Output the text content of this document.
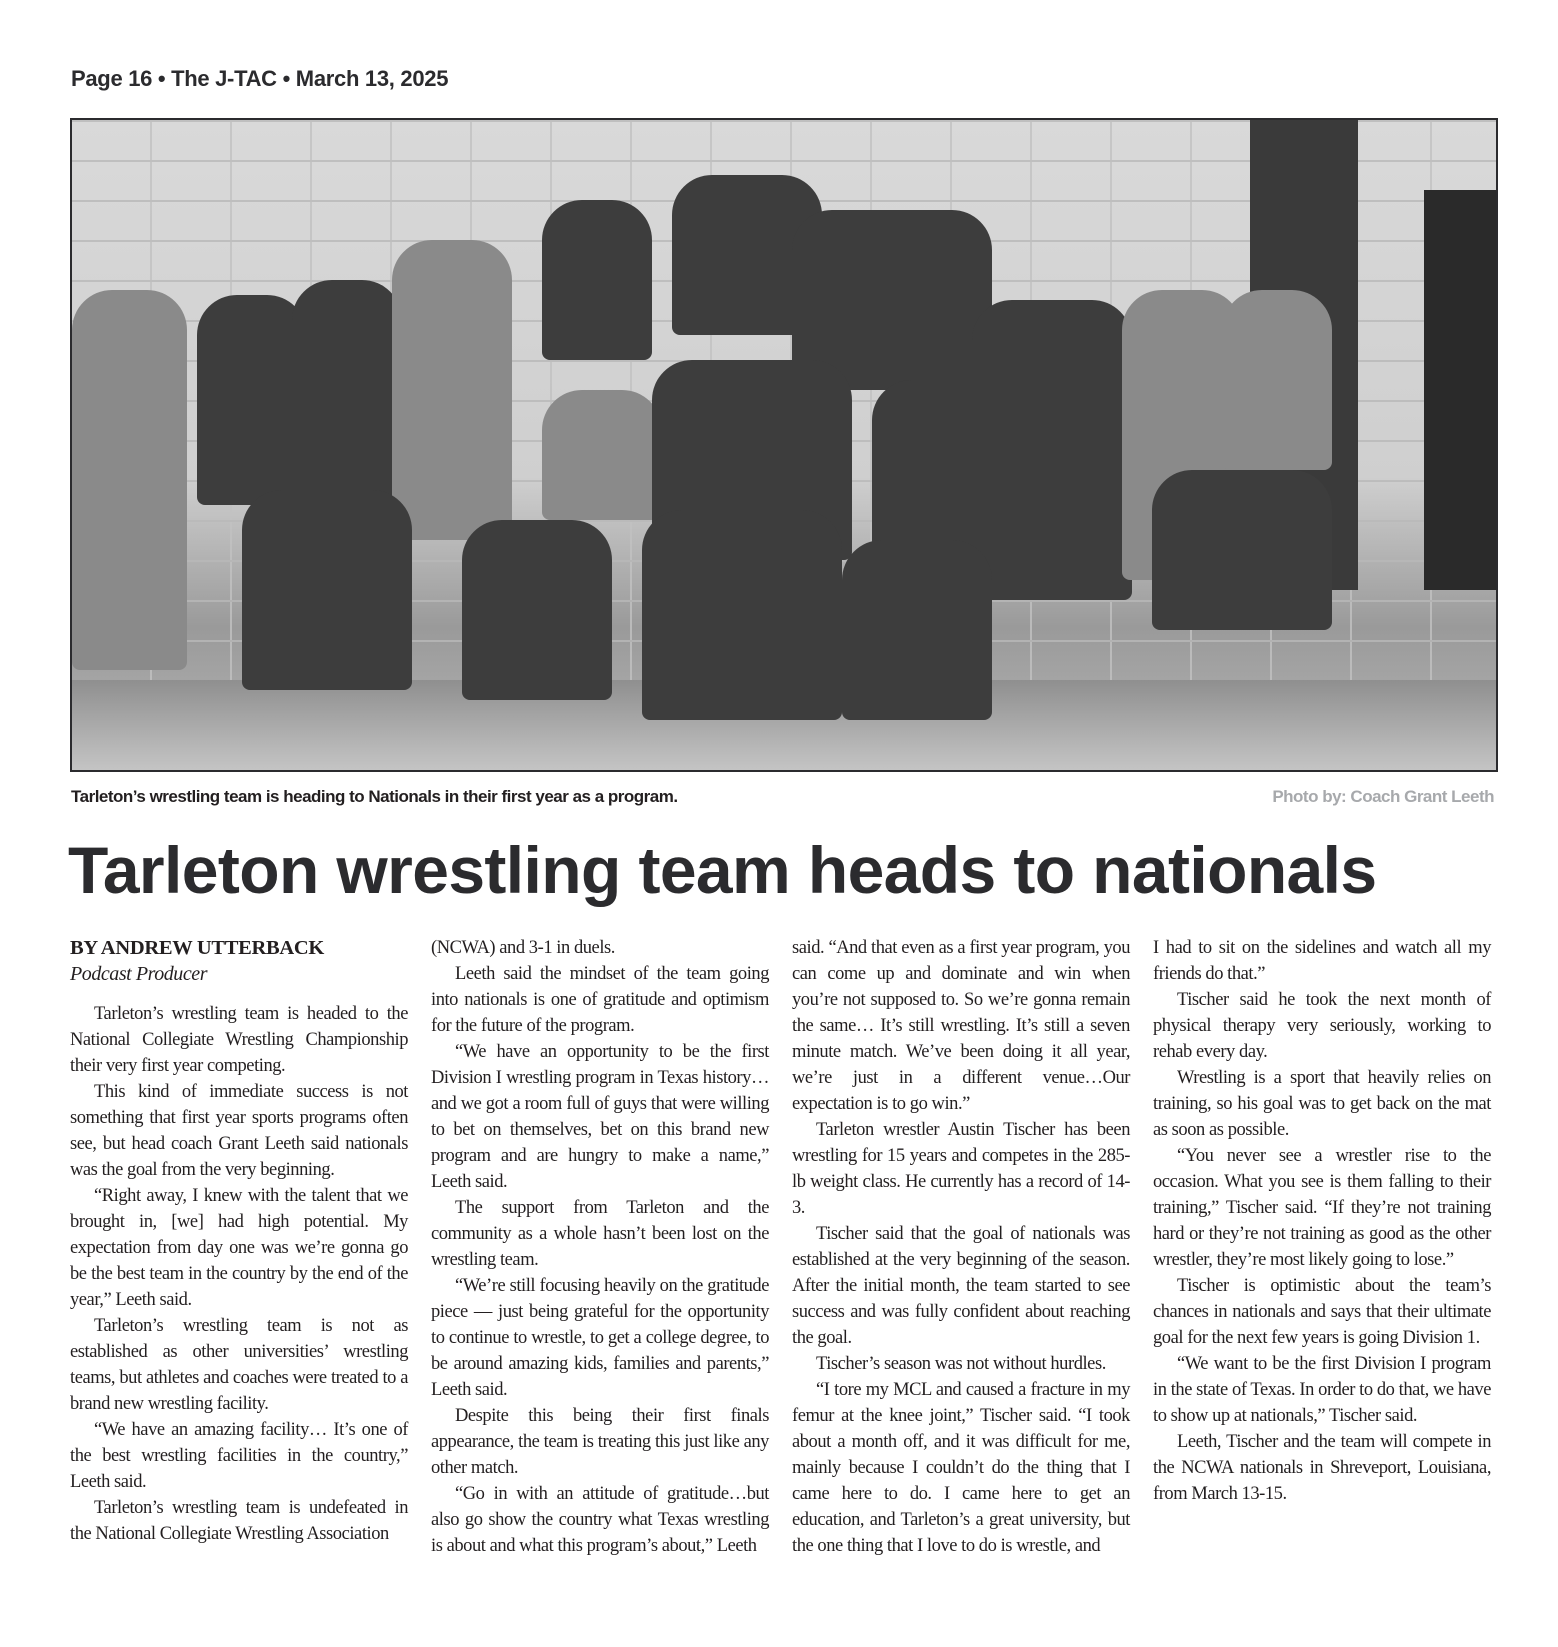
Page 16 • The J-TAC • March 13, 2025
Tarleton’s wrestling team is heading to Nationals in their first year as a program.	Photo by: Coach Grant Leeth
Tarleton wrestling team heads to nationals
BY ANDREW UTTERBACK
Podcast Producer

Tarleton’s wrestling team is headed to the National Collegiate Wrestling Championship their very first year competing.

This kind of immediate success is not something that first year sports programs often see, but head coach Grant Leeth said nationals was the goal from the very beginning.

“Right away, I knew with the talent that we brought in, [we] had high potential. My expectation from day one was we’re gonna go be the best team in the country by the end of the year,” Leeth said.

Tarleton’s wrestling team is not as established as other universities’ wrestling teams, but athletes and coaches were treated to a brand new wrestling facility.

“We have an amazing facility… It’s one of the best wrestling facilities in the country,” Leeth said.

Tarleton’s wrestling team is undefeated in the National Collegiate Wrestling Association

(NCWA) and 3-1 in duels.

Leeth said the mindset of the team going into nationals is one of gratitude and optimism for the future of the program.

“We have an opportunity to be the first Division I wrestling program in Texas history…and we got a room full of guys that were willing to bet on themselves, bet on this brand new program and are hungry to make a name,” Leeth said.

The support from Tarleton and the community as a whole hasn’t been lost on the wrestling team.

“We’re still focusing heavily on the gratitude piece — just being grateful for the opportunity to continue to wrestle, to get a college degree, to be around amazing kids, families and parents,” Leeth said.

Despite this being their first finals appearance, the team is treating this just like any other match.

“Go in with an attitude of gratitude…but also go show the country what Texas wrestling is about and what this program’s about,” Leeth

said. “And that even as a first year program, you can come up and dominate and win when you’re not supposed to. So we’re gonna remain the same… It’s still wrestling. It’s still a seven minute match. We’ve been doing it all year, we’re just in a different venue…Our expectation is to go win.”

Tarleton wrestler Austin Tischer has been wrestling for 15 years and competes in the 285-lb weight class. He currently has a record of 14-3.

Tischer said that the goal of nationals was established at the very beginning of the season. After the initial month, the team started to see success and was fully confident about reaching the goal.

Tischer’s season was not without hurdles.

“I tore my MCL and caused a fracture in my femur at the knee joint,” Tischer said. “I took about a month off, and it was difficult for me, mainly because I couldn’t do the thing that I came here to do. I came here to get an education, and Tarleton’s a great university, but the one thing that I love to do is wrestle, and

I had to sit on the sidelines and watch all my friends do that.”

Tischer said he took the next month of physical therapy very seriously, working to rehab every day.

Wrestling is a sport that heavily relies on training, so his goal was to get back on the mat as soon as possible.

“You never see a wrestler rise to the occasion. What you see is them falling to their training,” Tischer said. “If they’re not training hard or they’re not training as good as the other wrestler, they’re most likely going to lose.”

Tischer is optimistic about the team’s chances in nationals and says that their ultimate goal for the next few years is going Division 1.

“We want to be the first Division I program in the state of Texas. In order to do that, we have to show up at nationals,” Tischer said.

Leeth, Tischer and the team will compete in the NCWA nationals in Shreveport, Louisiana, from March 13-15.
